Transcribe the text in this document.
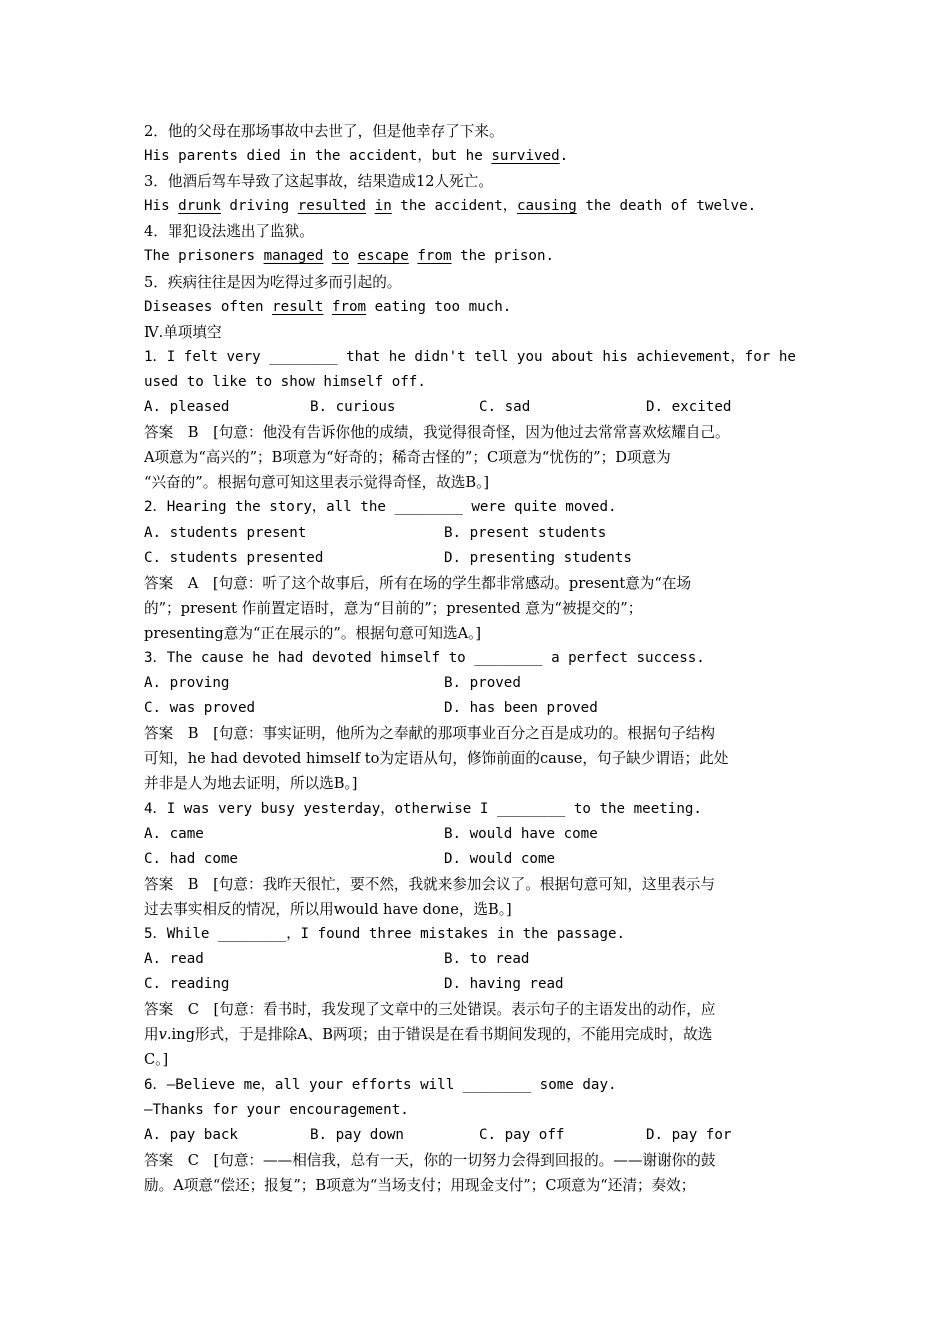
2．他的父母在那场事故中去世了，但是他幸存了下来。
His parents died in the accident，but he survived.
3．他酒后驾车导致了这起事故，结果造成12人死亡。
His drunk driving resulted in the accident，causing the death of twelve.
4．罪犯设法逃出了监狱。
The prisoners managed to escape from the prison.
5．疾病往往是因为吃得过多而引起的。
Diseases often result from eating too much.
Ⅳ.单项填空
1．I felt very ________ that he didn't tell you about his achievement，for he
used to like to show himself off.
A. pleased	B. curious	C. sad	D. excited
答案　B　[句意：他没有告诉你他的成绩，我觉得很奇怪，因为他过去常常喜欢炫耀自己。
A项意为“高兴的”；B项意为“好奇的；稀奇古怪的”；C项意为“忧伤的”；D项意为
“兴奋的”。根据句意可知这里表示觉得奇怪，故选B。]
2．Hearing the story，all the ________ were quite moved.
A. students present	B. present students
C. students presented	D. presenting students
答案　A　[句意：听了这个故事后，所有在场的学生都非常感动。present意为“在场
的”；present 作前置定语时，意为“目前的”；presented 意为“被提交的”；
presenting意为“正在展示的”。根据句意可知选A。]
3．The cause he had devoted himself to ________ a perfect success.
A. proving	B. proved
C. was proved	D. has been proved
答案　B　[句意：事实证明，他所为之奉献的那项事业百分之百是成功的。根据句子结构
可知，he had devoted himself to为定语从句，修饰前面的cause，句子缺少谓语；此处
并非是人为地去证明，所以选B。]
4．I was very busy yesterday，otherwise I ________ to the meeting.
A. came	B. would have come
C. had come	D. would come
答案　B　[句意：我昨天很忙，要不然，我就来参加会议了。根据句意可知，这里表示与
过去事实相反的情况，所以用would have done，选B。]
5．While ________，I found three mistakes in the passage.
A. read	B. to read
C. reading	D. having read
答案　C　[句意：看书时，我发现了文章中的三处错误。表示句子的主语发出的动作，应
用v.ing形式，于是排除A、B两项；由于错误是在看书期间发现的，不能用完成时，故选
C。]
6．—Believe me，all your efforts will ________ some day.
—Thanks for your encouragement.
A. pay back	B. pay down	C. pay off	D. pay for
答案　C　[句意：——相信我，总有一天，你的一切努力会得到回报的。——谢谢你的鼓
励。A项意“偿还；报复”；B项意为“当场支付；用现金支付”；C项意为“还清；奏效；
